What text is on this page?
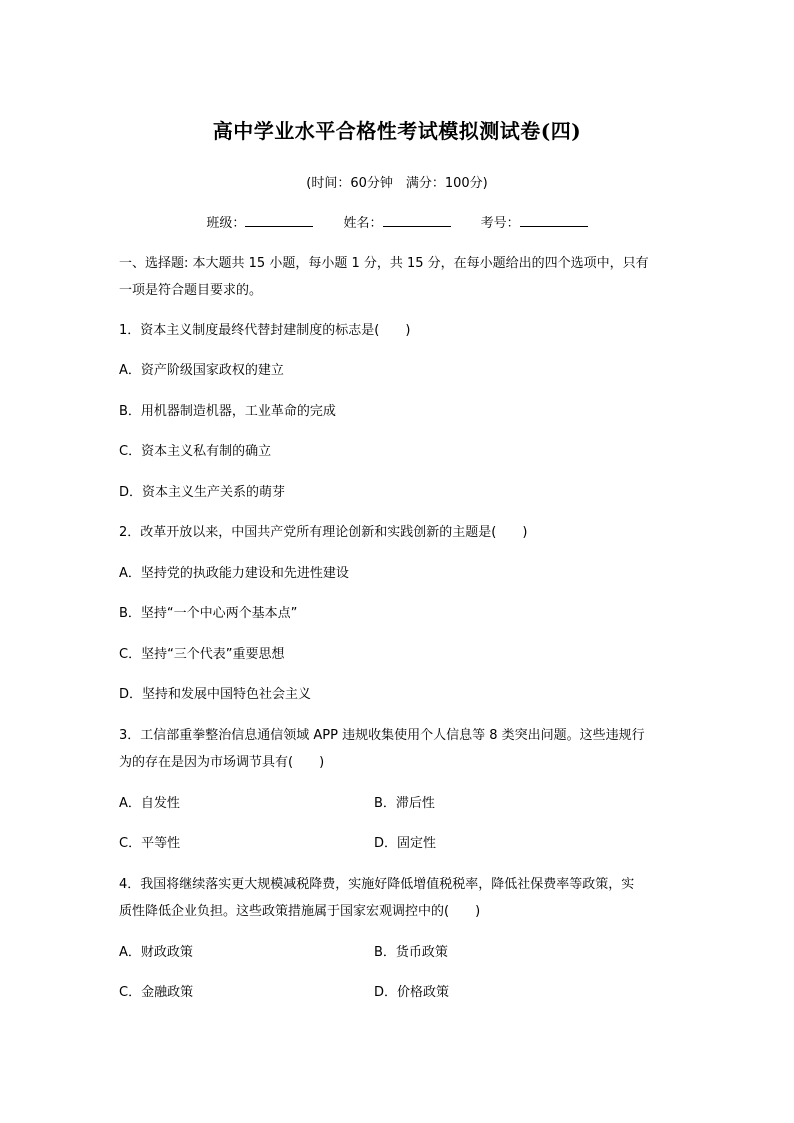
高中学业水平合格性考试模拟测试卷(四)
(时间：60分钟　满分：100分)
班级：	姓名：	考号：
一、选择题: 本大题共 15 小题，每小题 1 分，共 15 分，在每小题给出的四个选项中，只有
一项是符合题目要求的。
1．资本主义制度最终代替封建制度的标志是(　　)
A．资产阶级国家政权的建立
B．用机器制造机器，工业革命的完成
C．资本主义私有制的确立
D．资本主义生产关系的萌芽
2．改革开放以来，中国共产党所有理论创新和实践创新的主题是(　　)
A．坚持党的执政能力建设和先进性建设
B．坚持“一个中心两个基本点”
C．坚持“三个代表”重要思想
D．坚持和发展中国特色社会主义
3．工信部重拳整治信息通信领域 APP 违规收集使用个人信息等 8 类突出问题。这些违规行
为的存在是因为市场调节具有(　　)
A．自发性	B．滞后性
C．平等性	D．固定性
4．我国将继续落实更大规模减税降费，实施好降低增值税税率，降低社保费率等政策，实
质性降低企业负担。这些政策措施属于国家宏观调控中的(　　)
A．财政政策	B．货币政策
C．金融政策	D．价格政策
